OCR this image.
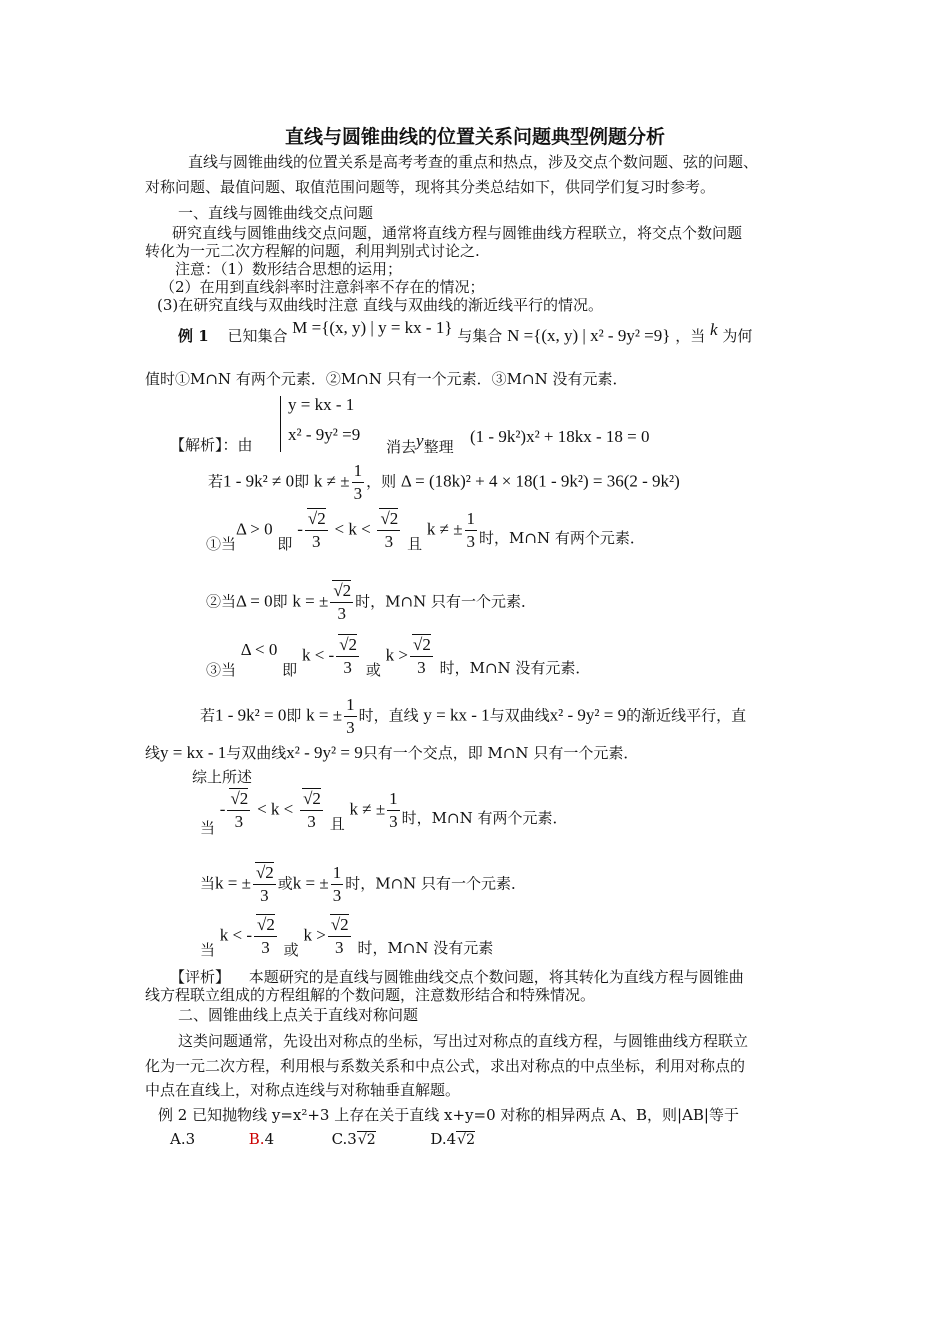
直线与圆锥曲线的位置关系问题典型例题分析
直线与圆锥曲线的位置关系是高考考查的重点和热点，涉及交点个数问题、弦的问题、
对称问题、最值问题、取值范围问题等，现将其分类总结如下，供同学们复习时参考。
一、直线与圆锥曲线交点问题
研究直线与圆锥曲线交点问题，通常将直线方程与圆锥曲线方程联立，将交点个数问题
转化为一元二次方程解的问题，利用判别式讨论之.
注意：（1）数形结合思想的运用；
（2）在用到直线斜率时注意斜率不存在的情况；
(3)在研究直线与双曲线时注意 直线与双曲线的渐近线平行的情况。
例 1 已知集合 M ={(x, y) | y = kx - 1} 与集合 N ={(x, y) | x² - 9y² =9} ，当 k 为何
值时①M∩N 有两个元素．②M∩N 只有一个元素．③M∩N 没有元素．
y = kx - 1
x² - 9y² =9
【解析】：由	消去y整理
(1 - 9k²)x² + 18kx - 18 = 0
若1 - 9k² ≠ 0即 k ≠ ± $\frac{1}{3}$ ，则 Δ = (18k)² + 4 × 18(1 - 9k²) = 36(2 - 9k²)
①当Δ > 0 即 - $\frac{√2}{3} < k < \frac{√2}{3}$ 且 k ≠ ± $\frac{1}{3}$ 时，M∩N 有两个元素．
②当Δ = 0即 k = ± $\frac{√2}{3}$ 时，M∩N 只有一个元素．
③当 Δ < 0 即 k < - $\frac{√2}{3}$ 或 $k > \frac{√2}{3}$ 时，M∩N 没有元素．
若1 - 9k² = 0即 k = ± $\frac{1}{3}$ 时，直线 y = kx - 1与双曲线x² - 9y² = 9的渐近线平行，直
线y = kx - 1与双曲线x² - 9y² = 9只有一个交点，即 M∩N 只有一个元素．
综上所述
当 - $\frac{√2}{3} < k < \frac{√2}{3}$ 且 k ≠ ± $\frac{1}{3}$ 时，M∩N 有两个元素．
当k = ± $\frac{√2}{3}$ 或k = ± $\frac{1}{3}$ 时，M∩N 只有一个元素．
当 k < - $\frac{√2}{3}$ 或 $k > \frac{√2}{3}$ 时，M∩N 没有元素
【评析】 本题研究的是直线与圆锥曲线交点个数问题，将其转化为直线方程与圆锥曲
线方程联立组成的方程组解的个数问题，注意数形结合和特殊情况。
二、圆锥曲线上点关于直线对称问题
这类问题通常，先设出对称点的坐标，写出过对称点的直线方程，与圆锥曲线方程联立
化为一元二次方程，利用根与系数关系和中点公式，求出对称点的中点坐标，利用对称点的
中点在直线上，对称点连线与对称轴垂直解题。
例 2 已知抛物线 y=x²+3 上存在关于直线 x+y=0 对称的相异两点 A、B，则|AB|等于
A.3	B.4	C.3√2	D.4√2
